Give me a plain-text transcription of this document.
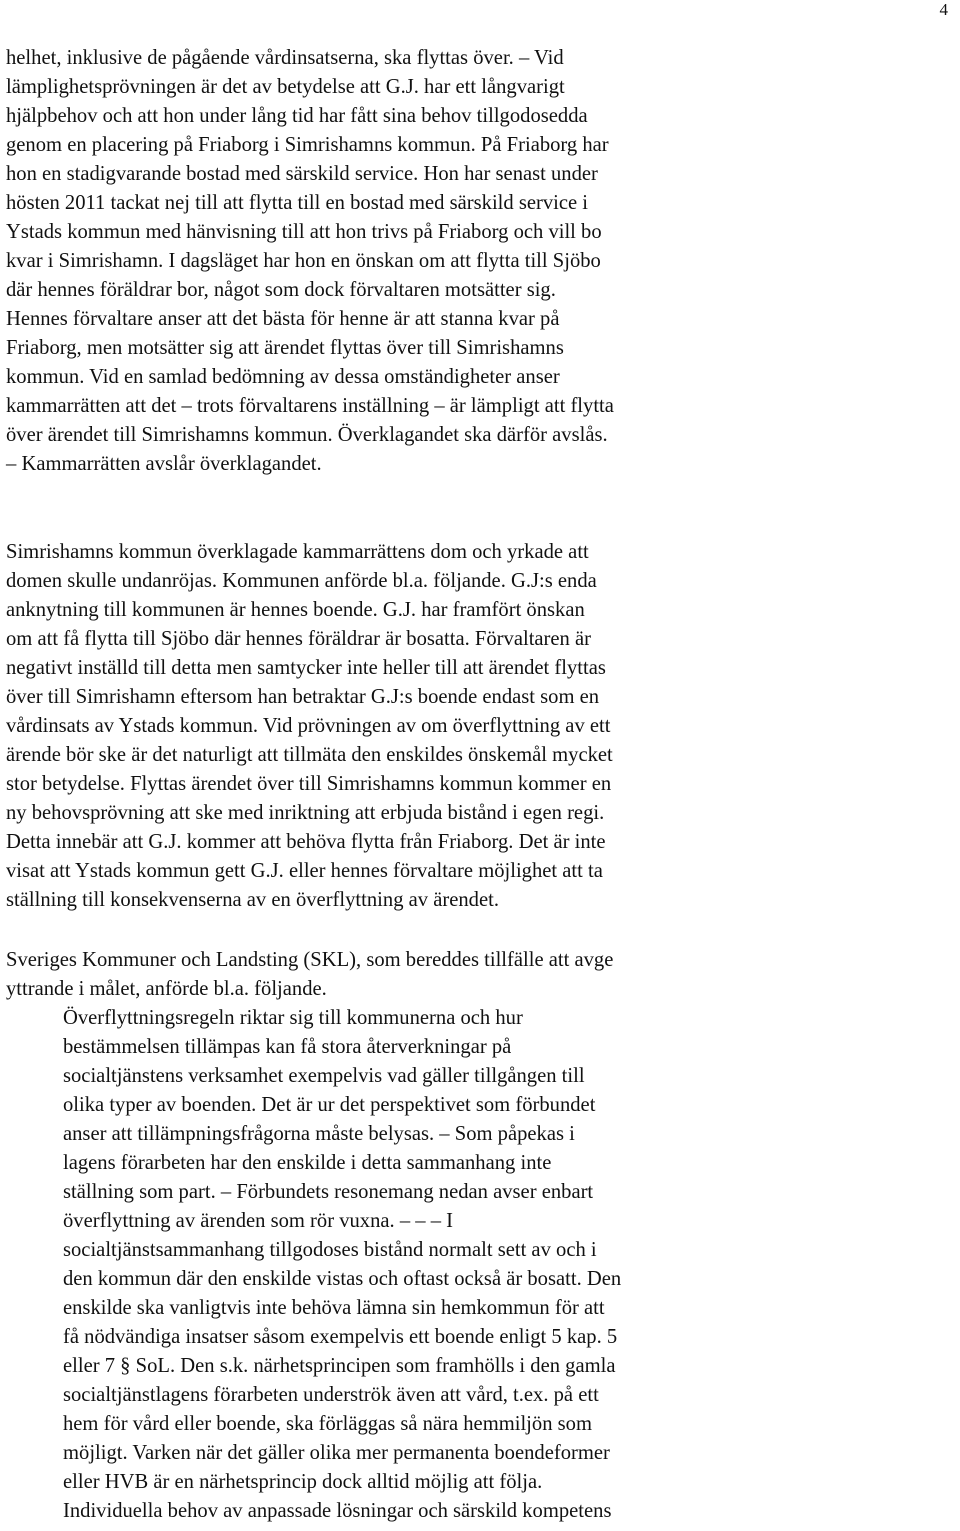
4
helhet, inklusive de pågående vårdinsatserna, ska flyttas över. – Vid
lämplighetsprövningen är det av betydelse att G.J. har ett långvarigt
hjälpbehov och att hon under lång tid har fått sina behov tillgodosedda
genom en placering på Friaborg i Simrishamns kommun. På Friaborg har
hon en stadigvarande bostad med särskild service. Hon har senast under
hösten 2011 tackat nej till att flytta till en bostad med särskild service i
Ystads kommun med hänvisning till att hon trivs på Friaborg och vill bo
kvar i Simrishamn. I dagsläget har hon en önskan om att flytta till Sjöbo
där hennes föräldrar bor, något som dock förvaltaren motsätter sig.
Hennes förvaltare anser att det bästa för henne är att stanna kvar på
Friaborg, men motsätter sig att ärendet flyttas över till Simrishamns
kommun. Vid en samlad bedömning av dessa omständigheter anser
kammarrätten att det – trots förvaltarens inställning – är lämpligt att flytta
över ärendet till Simrishamns kommun. Överklagandet ska därför avslås.
– Kammarrätten avslår överklagandet.
Simrishamns kommun överklagade kammarrättens dom och yrkade att
domen skulle undanröjas. Kommunen anförde bl.a. följande. G.J:s enda
anknytning till kommunen är hennes boende. G.J. har framfört önskan
om att få flytta till Sjöbo där hennes föräldrar är bosatta. Förvaltaren är
negativt inställd till detta men samtycker inte heller till att ärendet flyttas
över till Simrishamn eftersom han betraktar G.J:s boende endast som en
vårdinsats av Ystads kommun. Vid prövningen av om överflyttning av ett
ärende bör ske är det naturligt att tillmäta den enskildes önskemål mycket
stor betydelse. Flyttas ärendet över till Simrishamns kommun kommer en
ny behovsprövning att ske med inriktning att erbjuda bistånd i egen regi.
Detta innebär att G.J. kommer att behöva flytta från Friaborg. Det är inte
visat att Ystads kommun gett G.J. eller hennes förvaltare möjlighet att ta
ställning till konsekvenserna av en överflyttning av ärendet.
Sveriges Kommuner och Landsting (SKL), som bereddes tillfälle att avge
yttrande i målet, anförde bl.a. följande.
Överflyttningsregeln riktar sig till kommunerna och hur
bestämmelsen tillämpas kan få stora återverkningar på
socialtjänstens verksamhet exempelvis vad gäller tillgången till
olika typer av boenden. Det är ur det perspektivet som förbundet
anser att tillämpningsfrågorna måste belysas. – Som påpekas i
lagens förarbeten har den enskilde i detta sammanhang inte
ställning som part. – Förbundets resonemang nedan avser enbart
överflyttning av ärenden som rör vuxna. – – – I
socialtjänstsammanhang tillgodoses bistånd normalt sett av och i
den kommun där den enskilde vistas och oftast också är bosatt. Den
enskilde ska vanligtvis inte behöva lämna sin hemkommun för att
få nödvändiga insatser såsom exempelvis ett boende enligt 5 kap. 5
eller 7 § SoL. Den s.k. närhetsprincipen som framhölls i den gamla
socialtjänstlagens förarbeten underströk även att vård, t.ex. på ett
hem för vård eller boende, ska förläggas så nära hemmiljön som
möjligt. Varken när det gäller olika mer permanenta boendeformer
eller HVB är en närhetsprincip dock alltid möjlig att följa.
Individuella behov av anpassade lösningar och särskild kompetens
